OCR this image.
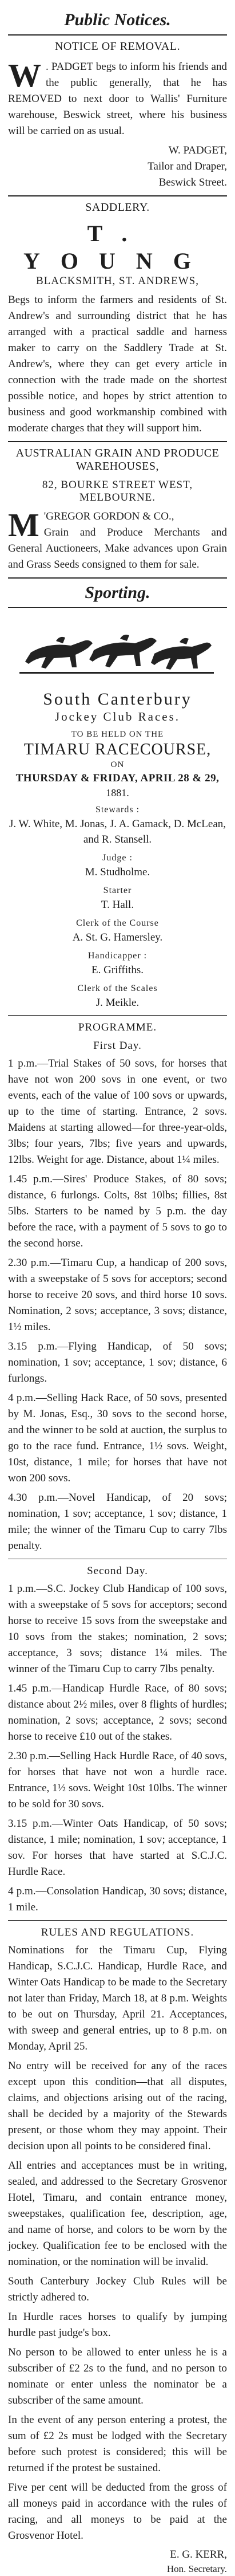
Public Notices.
NOTICE OF REMOVAL.
W . PADGET begs to inform his friends and the public generally, that he has REMOVED to next door to Wallis' Furniture warehouse, Beswick street, where his business will be carried on as usual.
W. PADGET,
Tailor and Draper,
Beswick Street.
SADDLERY.
T. YOUNG
BLACKSMITH, ST. ANDREWS,
Begs to inform the farmers and residents of St. Andrew's and surrounding district that he has arranged with a practical saddle and harness maker to carry on the Saddlery Trade at St. Andrew's, where they can get every article in connection with the trade made on the shortest possible notice, and hopes by strict attention to business and good workmanship combined with moderate charges that they will support him.
AUSTRALIAN GRAIN AND PRODUCE WAREHOUSES,
82, BOURKE STREET WEST, MELBOURNE.
M 'GREGOR GORDON & CO.,
Grain and Produce Merchants and General Auctioneers, Make advances upon Grain and Grass Seeds consigned to them for sale.
Sporting.
South Canterbury
Jockey Club Races.
TO BE HELD ON THE
TIMARU RACECOURSE,
ON
THURSDAY & FRIDAY, APRIL 28 & 29,
1881.
Stewards :
J. W. White, M. Jonas, J. A. Gamack, D. McLean, and R. Stansell.
Judge :
M. Studholme.
Starter
T. Hall.
Clerk of the Course
A. St. G. Hamersley.
Handicapper :
E. Griffiths.
Clerk of the Scales
J. Meikle.
PROGRAMME.
First Day.
1 p.m.—Trial Stakes of 50 sovs, for horses that have not won 200 sovs in one event, or two events, each of the value of 100 sovs or upwards, up to the time of starting. Entrance, 2 sovs. Maidens at starting allowed—for three-year-olds, 3lbs; four years, 7lbs; five years and upwards, 12lbs. Weight for age. Distance, about 1¼ miles.
1.45 p.m.—Sires' Produce Stakes, of 80 sovs; distance, 6 furlongs. Colts, 8st 10lbs; fillies, 8st 5lbs. Starters to be named by 5 p.m. the day before the race, with a payment of 5 sovs to go to the second horse.
2.30 p.m.—Timaru Cup, a handicap of 200 sovs, with a sweepstake of 5 sovs for acceptors; second horse to receive 20 sovs, and third horse 10 sovs. Nomination, 2 sovs; acceptance, 3 sovs; distance, 1½ miles.
3.15 p.m.—Flying Handicap, of 50 sovs; nomination, 1 sov; acceptance, 1 sov; distance, 6 furlongs.
4 p.m.—Selling Hack Race, of 50 sovs, presented by M. Jonas, Esq., 30 sovs to the second horse, and the winner to be sold at auction, the surplus to go to the race fund. Entrance, 1½ sovs. Weight, 10st, distance, 1 mile; for horses that have not won 200 sovs.
4.30 p.m.—Novel Handicap, of 20 sovs; nomination, 1 sov; acceptance, 1 sov; distance, 1 mile; the winner of the Timaru Cup to carry 7lbs penalty.
Second Day.
1 p.m.—S.C. Jockey Club Handicap of 100 sovs, with a sweepstake of 5 sovs for acceptors; second horse to receive 15 sovs from the sweepstake and 10 sovs from the stakes; nomination, 2 sovs; acceptance, 3 sovs; distance 1¼ miles. The winner of the Timaru Cup to carry 7lbs penalty.
1.45 p.m.—Handicap Hurdle Race, of 80 sovs; distance about 2½ miles, over 8 flights of hurdles; nomination, 2 sovs; acceptance, 2 sovs; second horse to receive £10 out of the stakes.
2.30 p.m.—Selling Hack Hurdle Race, of 40 sovs, for horses that have not won a hurdle race. Entrance, 1½ sovs. Weight 10st 10lbs. The winner to be sold for 30 sovs.
3.15 p.m.—Winter Oats Handicap, of 50 sovs; distance, 1 mile; nomination, 1 sov; acceptance, 1 sov. For horses that have started at S.C.J.C. Hurdle Race.
4 p.m.—Consolation Handicap, 30 sovs; distance, 1 mile.
RULES AND REGULATIONS.
Nominations for the Timaru Cup, Flying Handicap, S.C.J.C. Handicap, Hurdle Race, and Winter Oats Handicap to be made to the Secretary not later than Friday, March 18, at 8 p.m. Weights to be out on Thursday, April 21. Acceptances, with sweep and general entries, up to 8 p.m. on Monday, April 25.
No entry will be received for any of the races except upon this condition—that all disputes, claims, and objections arising out of the racing, shall be decided by a majority of the Stewards present, or those whom they may appoint. Their decision upon all points to be considered final.
All entries and acceptances must be in writing, sealed, and addressed to the Secretary Grosvenor Hotel, Timaru, and contain entrance money, sweepstakes, qualification fee, description, age, and name of horse, and colors to be worn by the jockey. Qualification fee to be enclosed with the nomination, or the nomination will be invalid.
South Canterbury Jockey Club Rules will be strictly adhered to.
In Hurdle races horses to qualify by jumping hurdle past judge's box.
No person to be allowed to enter unless he is a subscriber of £2 2s to the fund, and no person to nominate or enter unless the nominator be a subscriber of the same amount.
In the event of any person entering a protest, the sum of £2 2s must be lodged with the Secretary before such protest is considered; this will be returned if the protest be sustained.
Five per cent will be deducted from the gross of all moneys paid in accordance with the rules of racing, and all moneys to be paid at the Grosvenor Hotel.
E. G. KERR,
Hon. Secretary.
